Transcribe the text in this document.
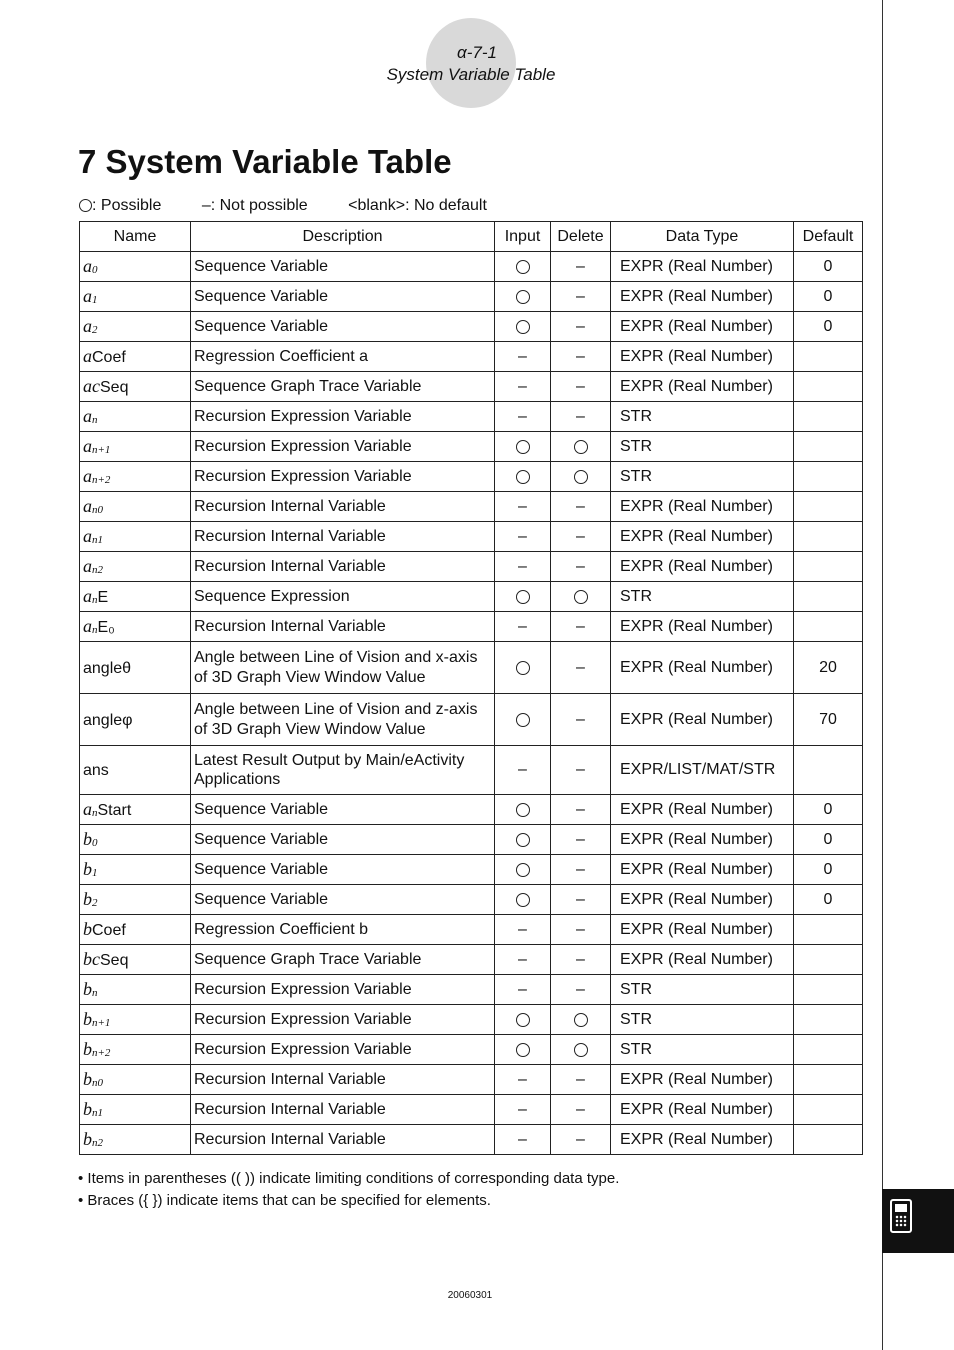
α-7-1
System Variable Table
7 System Variable Table
: Possible	–: Not possible	<blank>: No default
Name	Description	Input	Delete	Data Type	Default
$a_0$	Sequence Variable		–	EXPR (Real Number)	0
$a_1$	Sequence Variable		–	EXPR (Real Number)	0
$a_2$	Sequence Variable		–	EXPR (Real Number)	0
aCoef	Regression Coefficient a	–	–	EXPR (Real Number)	
acSeq	Sequence Graph Trace Variable	–	–	EXPR (Real Number)	
$a_n$	Recursion Expression Variable	–	–	STR	
$a_{n+1}$	Recursion Expression Variable			STR	
$a_{n+2}$	Recursion Expression Variable			STR	
$a_{n0}$	Recursion Internal Variable	–	–	EXPR (Real Number)	
$a_{n1}$	Recursion Internal Variable	–	–	EXPR (Real Number)	
$a_{n2}$	Recursion Internal Variable	–	–	EXPR (Real Number)	
$a_nE$	Sequence Expression			STR	
$a_nE_0$	Recursion Internal Variable	–	–	EXPR (Real Number)	
angleθ	Angle between Line of Vision and x-axis of 3D Graph View Window Value		–	EXPR (Real Number)	20
angleφ	Angle between Line of Vision and z-axis of 3D Graph View Window Value		–	EXPR (Real Number)	70
ans	Latest Result Output by Main/eActivity Applications	–	–	EXPR/LIST/MAT/STR	
$a_nStart$	Sequence Variable		–	EXPR (Real Number)	0
$b_0$	Sequence Variable		–	EXPR (Real Number)	0
$b_1$	Sequence Variable		–	EXPR (Real Number)	0
$b_2$	Sequence Variable		–	EXPR (Real Number)	0
bCoef	Regression Coefficient b	–	–	EXPR (Real Number)	
bcSeq	Sequence Graph Trace Variable	–	–	EXPR (Real Number)	
$b_n$	Recursion Expression Variable	–	–	STR	
$b_{n+1}$	Recursion Expression Variable			STR	
$b_{n+2}$	Recursion Expression Variable			STR	
$b_{n0}$	Recursion Internal Variable	–	–	EXPR (Real Number)	
$b_{n1}$	Recursion Internal Variable	–	–	EXPR (Real Number)	
$b_{n2}$	Recursion Internal Variable	–	–	EXPR (Real Number)	
• Items in parentheses (( )) indicate limiting conditions of corresponding data type.
• Braces ({ }) indicate items that can be specified for elements.
20060301
